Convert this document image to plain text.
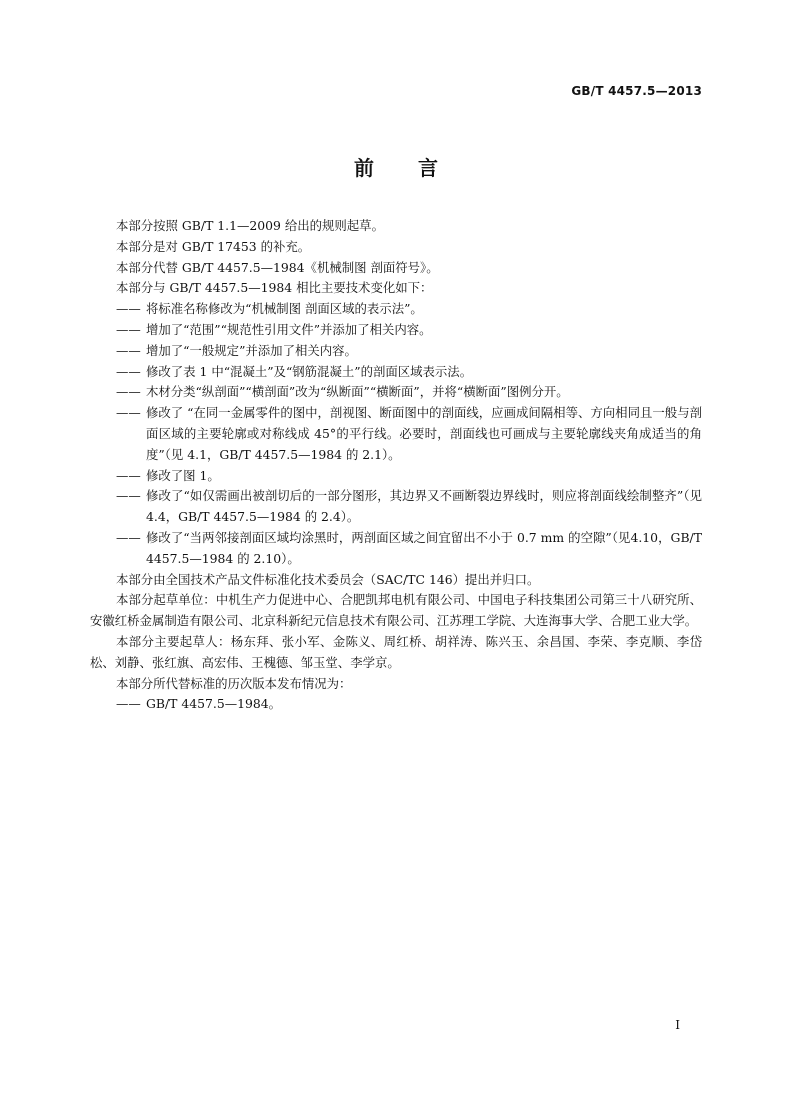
GB/T 4457.5—2013
前言

本部分按照 GB/T 1.1—2009 给出的规则起草。

本部分是对 GB/T 17453 的补充。

本部分代替 GB/T 4457.5—1984《机械制图 剖面符号》。

本部分与 GB/T 4457.5—1984 相比主要技术变化如下：

—— 将标准名称修改为“机械制图 剖面区域的表示法”。

—— 增加了“范围”“规范性引用文件”并添加了相关内容。

—— 增加了“一般规定”并添加了相关内容。

—— 修改了表 1 中“混凝土”及“钢筋混凝土”的剖面区域表示法。

—— 木材分类“纵剖面”“横剖面”改为“纵断面”“横断面”，并将“横断面”图例分开。

—— 修改了 “在同一金属零件的图中，剖视图、断面图中的剖面线，应画成间隔相等、方向相同且一般与剖面区域的主要轮廓或对称线成 45°的平行线。必要时，剖面线也可画成与主要轮廓线夹角成适当的角度”（见 4.1，GB/T 4457.5—1984 的 2.1）。

—— 修改了图 1。

—— 修改了“如仅需画出被剖切后的一部分图形，其边界又不画断裂边界线时，则应将剖面线绘制整齐”（见 4.4，GB/T 4457.5—1984 的 2.4）。

—— 修改了“当两邻接剖面区域均涂黑时，两剖面区域之间宜留出不小于 0.7 mm 的空隙”（见4.10，GB/T 4457.5—1984 的 2.10）。

本部分由全国技术产品文件标准化技术委员会（SAC/TC 146）提出并归口。

本部分起草单位：中机生产力促进中心、合肥凯邦电机有限公司、中国电子科技集团公司第三十八研究所、安徽红桥金属制造有限公司、北京科新纪元信息技术有限公司、江苏理工学院、大连海事大学、合肥工业大学。

本部分主要起草人：杨东拜、张小军、金陈义、周红桥、胡祥涛、陈兴玉、余昌国、李荣、李克顺、李岱松、刘静、张红旗、高宏伟、王槐德、邹玉堂、李学京。

本部分所代替标准的历次版本发布情况为：

—— GB/T 4457.5—1984。

I
